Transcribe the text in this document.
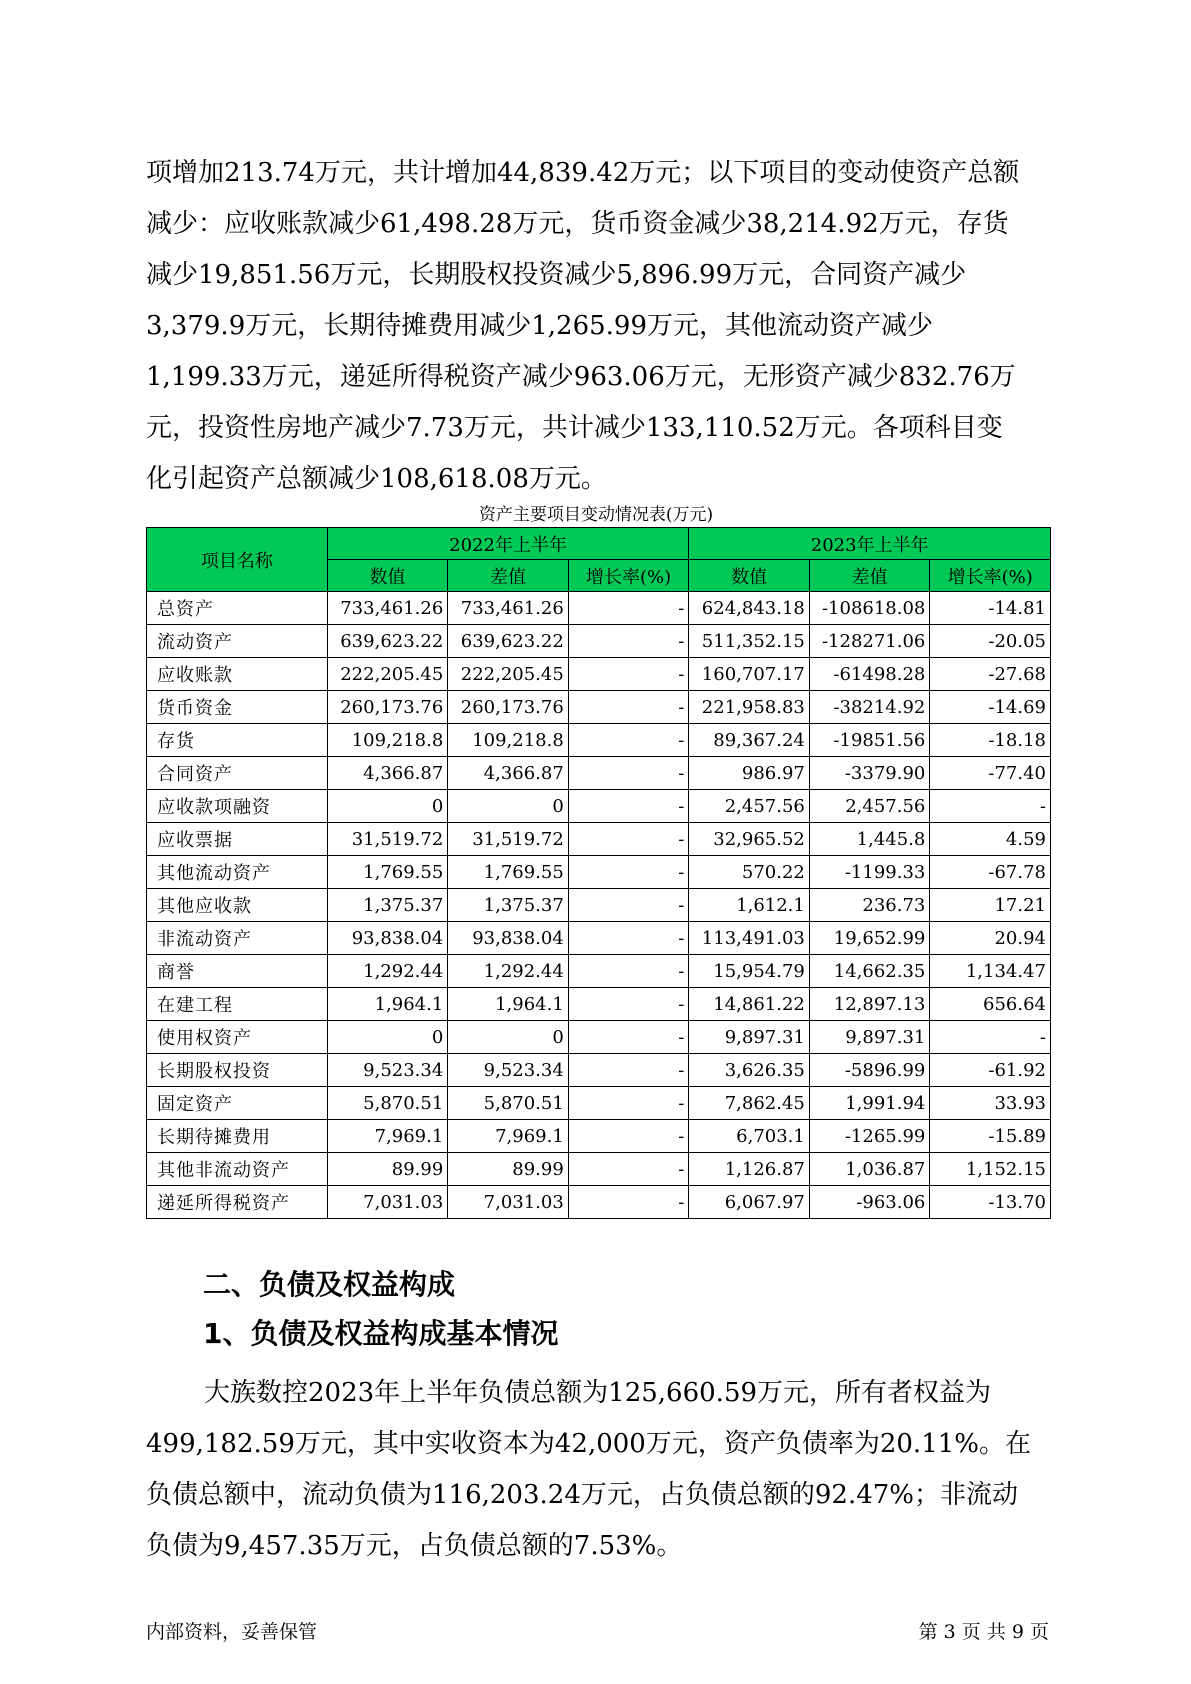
项增加213.74万元，共计增加44,839.42万元；以下项目的变动使资产总额
减少：应收账款减少61,498.28万元，货币资金减少38,214.92万元，存货
减少19,851.56万元，长期股权投资减少5,896.99万元，合同资产减少
3,379.9万元，长期待摊费用减少1,265.99万元，其他流动资产减少
1,199.33万元，递延所得税资产减少963.06万元，无形资产减少832.76万
元，投资性房地产减少7.73万元，共计减少133,110.52万元。各项科目变
化引起资产总额减少108,618.08万元。

资产主要项目变动情况表(万元)
项目名称	2022年上半年			2023年上半年		
	数值	差值	增长率(%)	数值	差值	增长率(%)
总资产	733,461.26	733,461.26	-	624,843.18	-108618.08	-14.81
流动资产	639,623.22	639,623.22	-	511,352.15	-128271.06	-20.05
应收账款	222,205.45	222,205.45	-	160,707.17	-61498.28	-27.68
货币资金	260,173.76	260,173.76	-	221,958.83	-38214.92	-14.69
存货	109,218.8	109,218.8	-	89,367.24	-19851.56	-18.18
合同资产	4,366.87	4,366.87	-	986.97	-3379.90	-77.40
应收款项融资	0	0	-	2,457.56	2,457.56	-
应收票据	31,519.72	31,519.72	-	32,965.52	1,445.8	4.59
其他流动资产	1,769.55	1,769.55	-	570.22	-1199.33	-67.78
其他应收款	1,375.37	1,375.37	-	1,612.1	236.73	17.21
非流动资产	93,838.04	93,838.04	-	113,491.03	19,652.99	20.94
商誉	1,292.44	1,292.44	-	15,954.79	14,662.35	1,134.47
在建工程	1,964.1	1,964.1	-	14,861.22	12,897.13	656.64
使用权资产	0	0	-	9,897.31	9,897.31	-
长期股权投资	9,523.34	9,523.34	-	3,626.35	-5896.99	-61.92
固定资产	5,870.51	5,870.51	-	7,862.45	1,991.94	33.93
长期待摊费用	7,969.1	7,969.1	-	6,703.1	-1265.99	-15.89
其他非流动资产	89.99	89.99	-	1,126.87	1,036.87	1,152.15
递延所得税资产	7,031.03	7,031.03	-	6,067.97	-963.06	-13.70
二、负债及权益构成
1、负债及权益构成基本情况

大族数控2023年上半年负债总额为125,660.59万元，所有者权益为
499,182.59万元，其中实收资本为42,000万元，资产负债率为20.11%。在
负债总额中，流动负债为116,203.24万元，占负债总额的92.47%；非流动
负债为9,457.35万元，占负债总额的7.53%。

内部资料，妥善保管	第 3 页 共 9 页
